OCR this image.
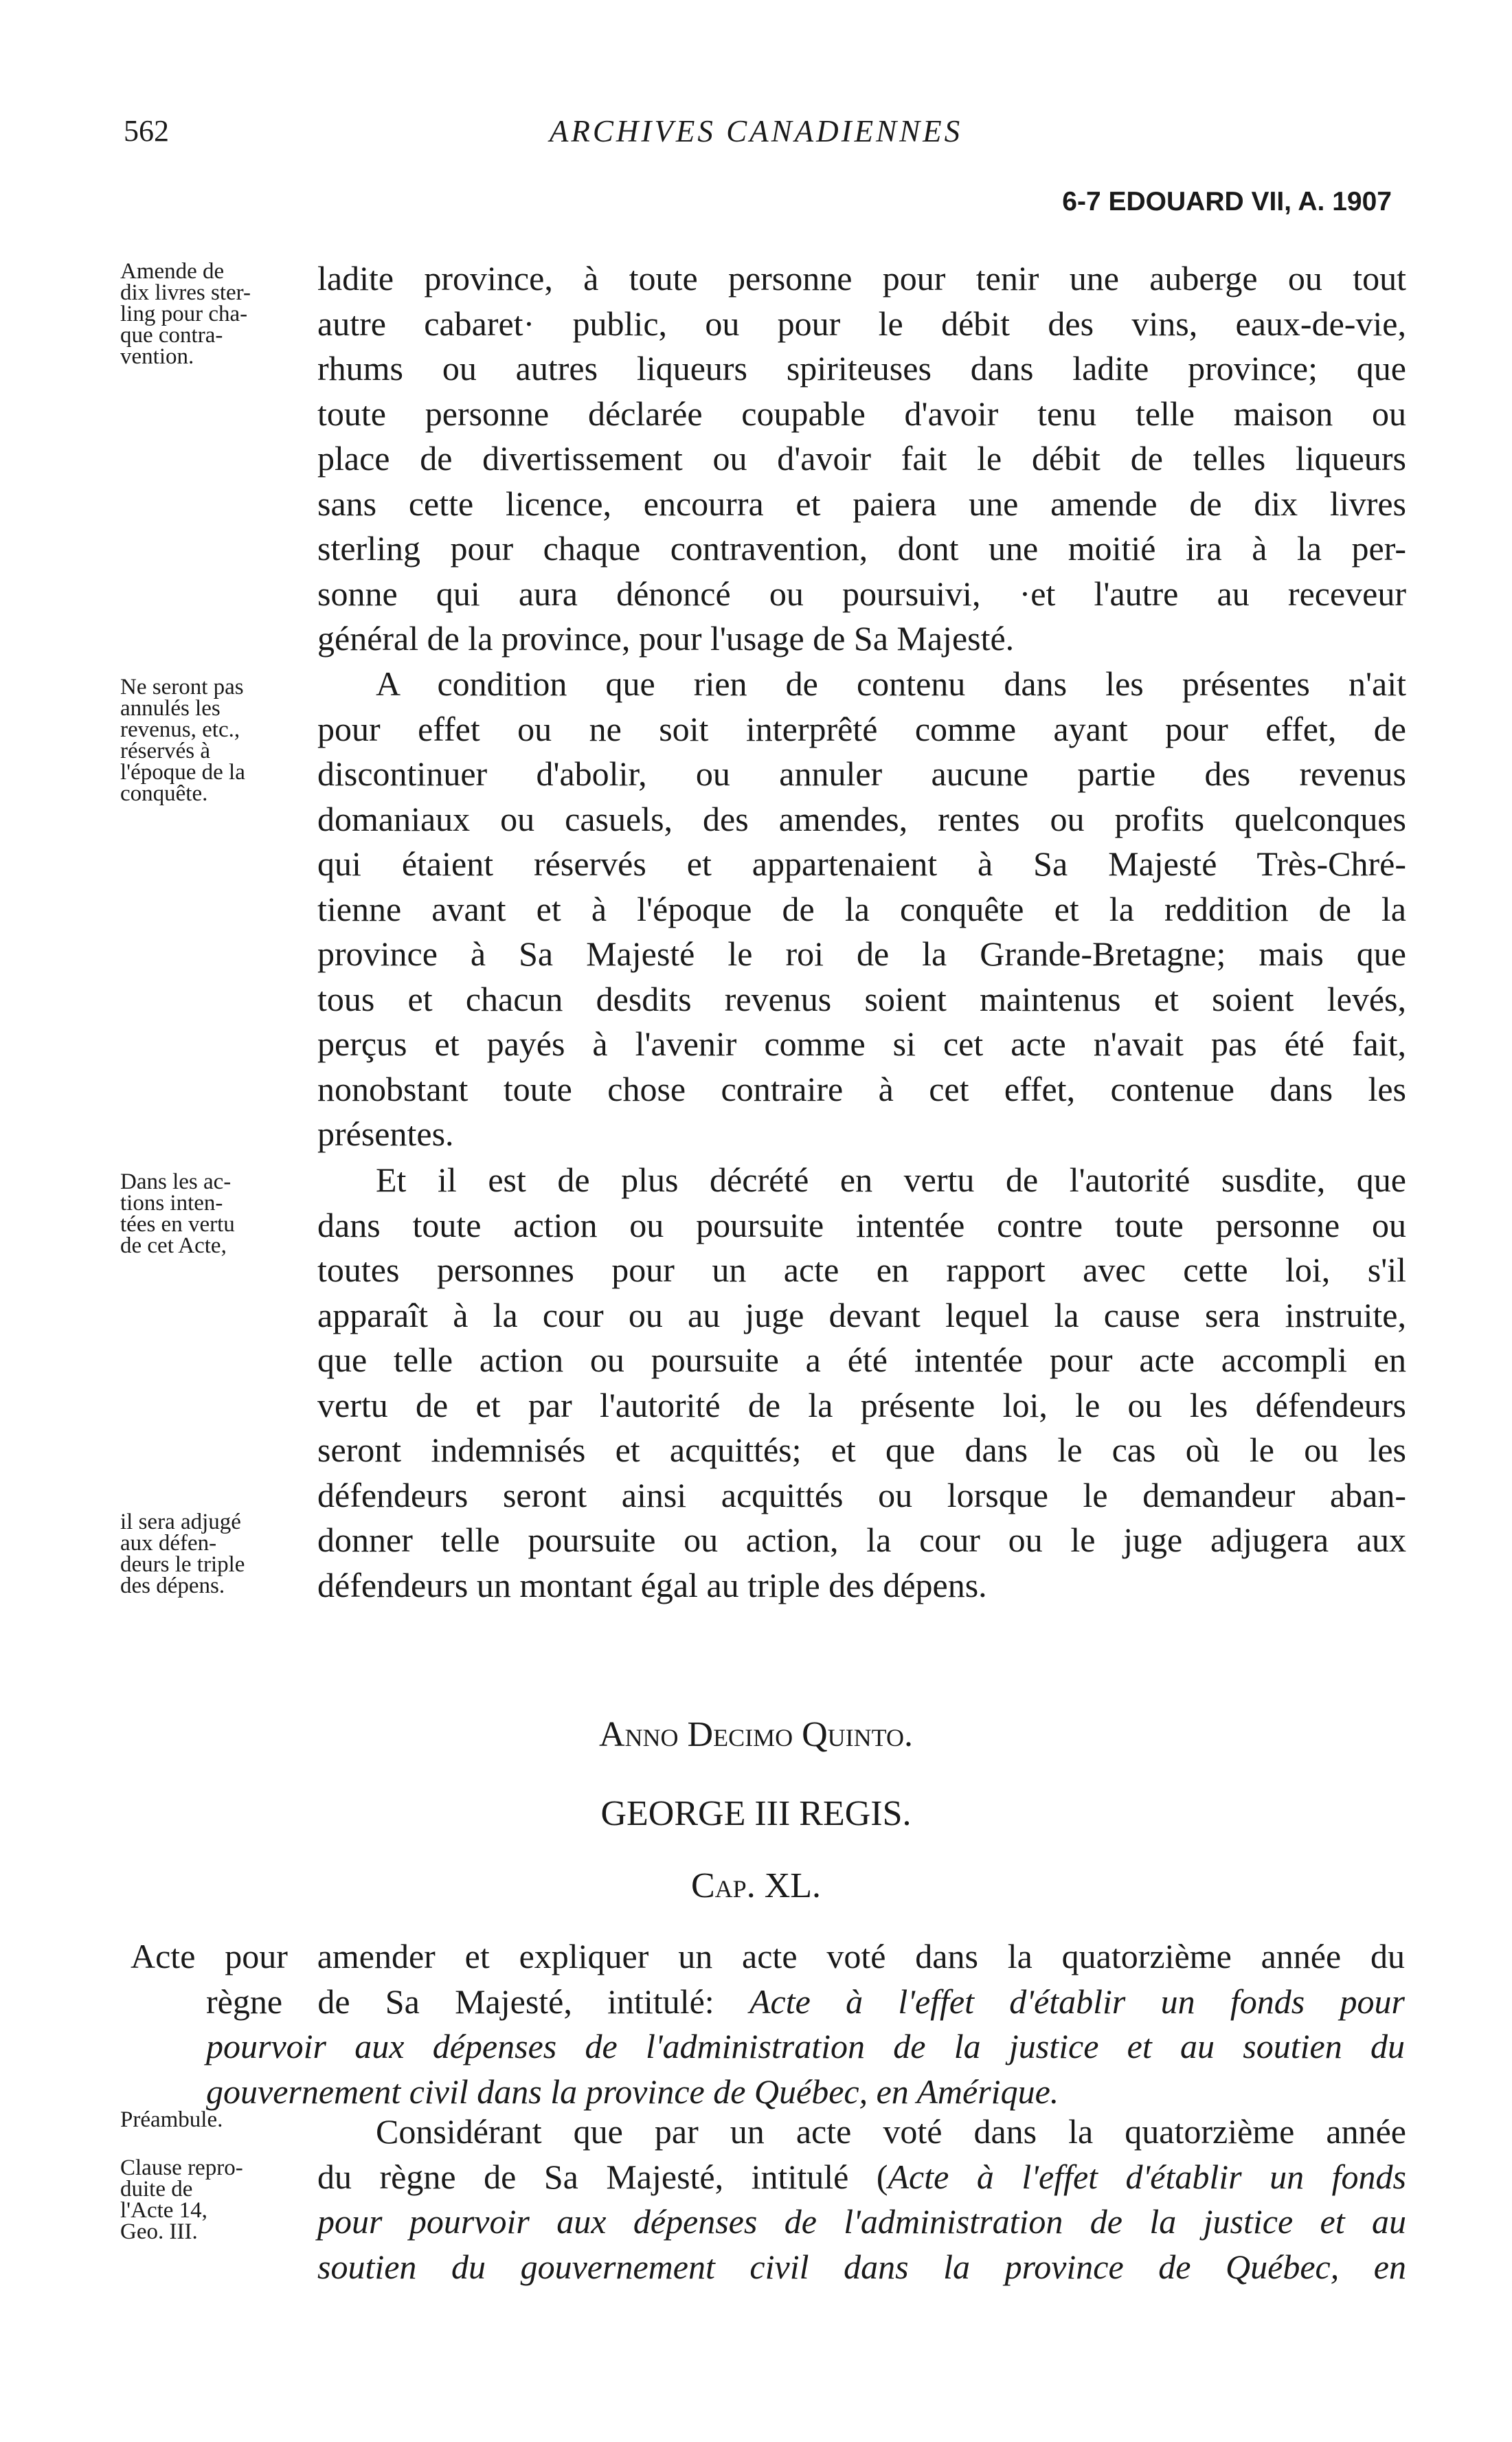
562	ARCHIVES CANADIENNES
6-7 EDOUARD VII, A. 1907
Amende de
dix livres ster-
ling pour cha-
que contra-
vention.
Ne seront pas
annulés les
revenus, etc.,
réservés à
l'époque de la
conquête.
Dans les ac-
tions inten-
tées en vertu
de cet Acte,
il sera adjugé
aux défen-
deurs le triple
des dépens.
Préambule.
Clause repro-
duite de
l'Acte 14,
Geo. III.
ladite province, à toute personne pour tenir une auberge ou tout
autre cabaret· public, ou pour le débit des vins, eaux-de-vie,
rhums ou autres liqueurs spiriteuses dans ladite province; que
toute personne déclarée coupable d'avoir tenu telle maison ou
place de divertissement ou d'avoir fait le débit de telles liqueurs
sans cette licence, encourra et paiera une amende de dix livres
sterling pour chaque contravention, dont une moitié ira à la per-
sonne qui aura dénoncé ou poursuivi, ·et l'autre au receveur
général de la province, pour l'usage de Sa Majesté.
A condition que rien de contenu dans les présentes n'ait
pour effet ou ne soit interprêté comme ayant pour effet, de
discontinuer d'abolir, ou annuler aucune partie des revenus
domaniaux ou casuels, des amendes, rentes ou profits quelconques
qui étaient réservés et appartenaient à Sa Majesté Très-Chré-
tienne avant et à l'époque de la conquête et la reddition de la
province à Sa Majesté le roi de la Grande-Bretagne; mais que
tous et chacun desdits revenus soient maintenus et soient levés,
perçus et payés à l'avenir comme si cet acte n'avait pas été fait,
nonobstant toute chose contraire à cet effet, contenue dans les
présentes.
Et il est de plus décrété en vertu de l'autorité susdite, que
dans toute action ou poursuite intentée contre toute personne ou
toutes personnes pour un acte en rapport avec cette loi, s'il
apparaît à la cour ou au juge devant lequel la cause sera instruite,
que telle action ou poursuite a été intentée pour acte accompli en
vertu de et par l'autorité de la présente loi, le ou les défendeurs
seront indemnisés et acquittés; et que dans le cas où le ou les
défendeurs seront ainsi acquittés ou lorsque le demandeur aban-
donner telle poursuite ou action, la cour ou le juge adjugera aux
défendeurs un montant égal au triple des dépens.
Anno Decimo Quinto.
GEORGE III REGIS.
Cap. XL.
Acte pour amender et expliquer un acte voté dans la quatorzième année du
règne de Sa Majesté, intitulé: Acte à l'effet d'établir un fonds pour
pourvoir aux dépenses de l'administration de la justice et au soutien du
gouvernement civil dans la province de Québec, en Amérique.
Considérant que par un acte voté dans la quatorzième année
du règne de Sa Majesté, intitulé (Acte à l'effet d'établir un fonds
pour pourvoir aux dépenses de l'administration de la justice et au
soutien du gouvernement civil dans la province de Québec, en
